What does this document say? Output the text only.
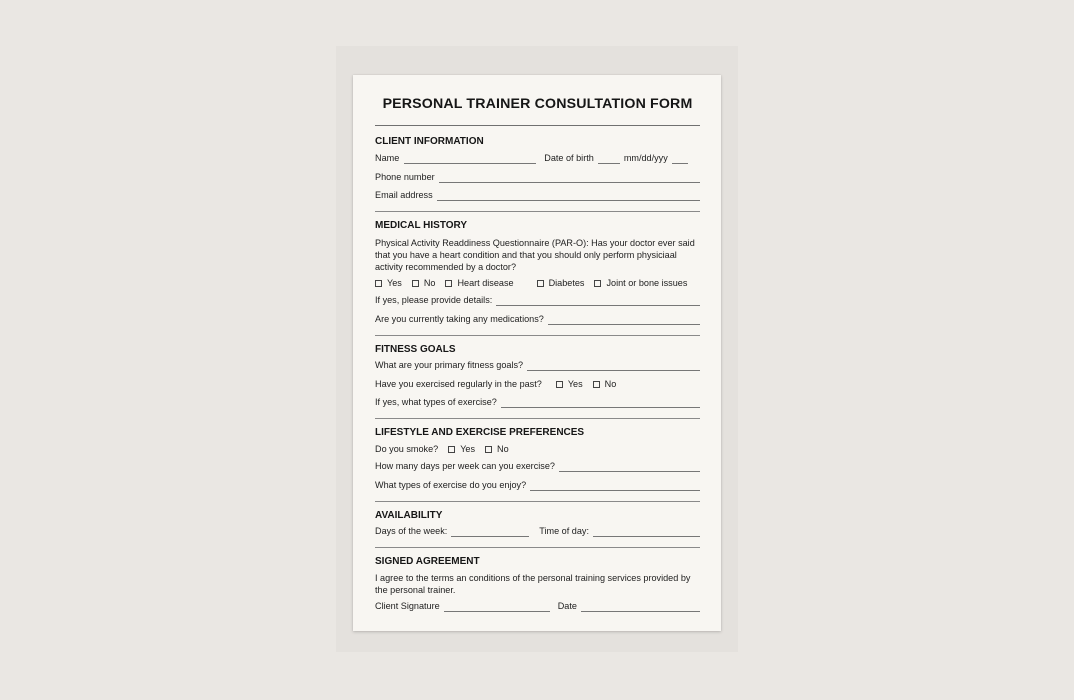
PERSONAL TRAINER CONSULTATION FORM
CLIENT INFORMATION
Name	Date of birth	mm/dd/yyy
Phone number
Email address
MEDICAL HISTORY
Physical Activity Readdiness Questionnaire (PAR-O): Has your doctor ever said that you have a heart condition and that you should only perform physiciaal activity recommended by a doctor?
Yes No Heart disease	Diabetes Joint or bone issues
If yes, please provide details:
Are you currently taking any medications?
FITNESS GOALS
What are your primary fitness goals?
Have you exercised regularly in the past?	Yes No
If yes, what types of exercise?
LIFESTYLE AND EXERCISE PREFERENCES
Do you smoke? Yes No
How many days per week can you exercise?
What types of exercise do you enjoy?
AVAILABILITY
Days of the week:	Time of day:
SIGNED AGREEMENT
I agree to the terms an conditions of the personal training services provided by the personal trainer.
Client Signature	Date
